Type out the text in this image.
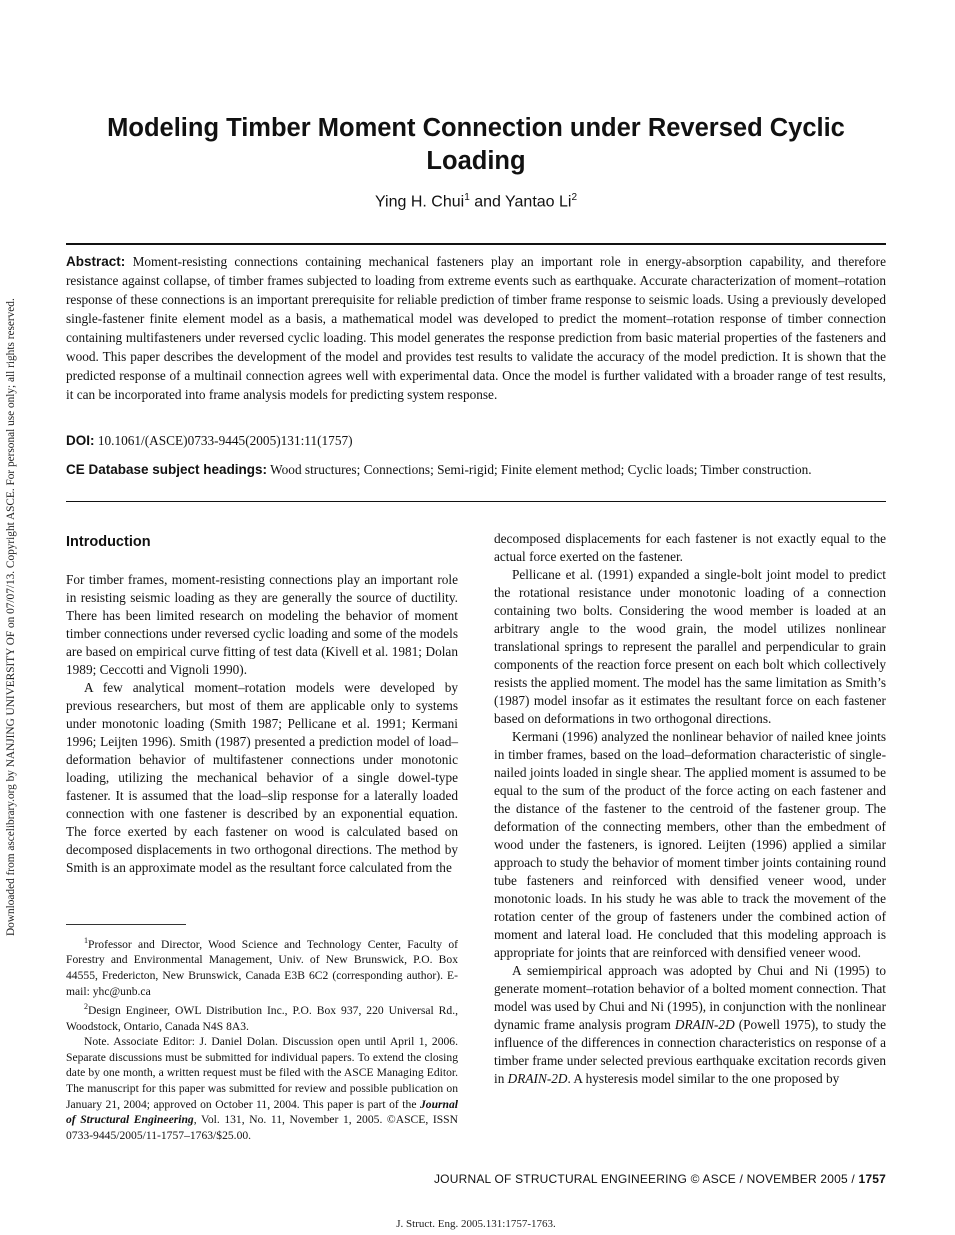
Downloaded from ascelibrary.org by NANJING UNIVERSITY OF on 07/07/13. Copyright ASCE. For personal use only; all rights reserved.
Modeling Timber Moment Connection under Reversed Cyclic Loading
Ying H. Chui$^1$ and Yantao Li$^2$

Abstract: Moment-resisting connections containing mechanical fasteners play an important role in energy-absorption capability, and therefore resistance against collapse, of timber frames subjected to loading from extreme events such as earthquake. Accurate characterization of moment–rotation response of these connections is an important prerequisite for reliable prediction of timber frame response to seismic loads. Using a previously developed single-fastener finite element model as a basis, a mathematical model was developed to predict the moment–rotation response of timber connection containing multifasteners under reversed cyclic loading. This model generates the response prediction from basic material properties of the fasteners and wood. This paper describes the development of the model and provides test results to validate the accuracy of the model prediction. It is shown that the predicted response of a multinail connection agrees well with experimental data. Once the model is further validated with a broader range of test results, it can be incorporated into frame analysis models for predicting system response.

DOI: 10.1061/(ASCE)0733-9445(2005)131:11(1757)

CE Database subject headings: Wood structures; Connections; Semi-rigid; Finite element method; Cyclic loads; Timber construction.

Introduction

For timber frames, moment-resisting connections play an important role in resisting seismic loading as they are generally the source of ductility. There has been limited research on modeling the behavior of moment timber connections under reversed cyclic loading and some of the models are based on empirical curve fitting of test data (Kivell et al. 1981; Dolan 1989; Ceccotti and Vignoli 1990).

A few analytical moment–rotation models were developed by previous researchers, but most of them are applicable only to systems under monotonic loading (Smith 1987; Pellicane et al. 1991; Kermani 1996; Leijten 1996). Smith (1987) presented a prediction model of load–deformation behavior of multifastener connections under monotonic loading, utilizing the mechanical behavior of a single dowel-type fastener. It is assumed that the load–slip response for a laterally loaded connection with one fastener is described by an exponential equation. The force exerted by each fastener on wood is calculated based on decomposed displacements in two orthogonal directions. The method by Smith is an approximate model as the resultant force calculated from the

$^1$Professor and Director, Wood Science and Technology Center, Faculty of Forestry and Environmental Management, Univ. of New Brunswick, P.O. Box 44555, Fredericton, New Brunswick, Canada E3B 6C2 (corresponding author). E-mail: yhc@unb.ca

$^2$Design Engineer, OWL Distribution Inc., P.O. Box 937, 220 Universal Rd., Woodstock, Ontario, Canada N4S 8A3.

Note. Associate Editor: J. Daniel Dolan. Discussion open until April 1, 2006. Separate discussions must be submitted for individual papers. To extend the closing date by one month, a written request must be filed with the ASCE Managing Editor. The manuscript for this paper was submitted for review and possible publication on January 21, 2004; approved on October 11, 2004. This paper is part of the Journal of Structural Engineering, Vol. 131, No. 11, November 1, 2005. ©ASCE, ISSN 0733-9445/2005/11-1757–1763/$25.00.

decomposed displacements for each fastener is not exactly equal to the actual force exerted on the fastener.

Pellicane et al. (1991) expanded a single-bolt joint model to predict the rotational resistance under monotonic loading of a connection containing two bolts. Considering the wood member is loaded at an arbitrary angle to the wood grain, the model utilizes nonlinear translational springs to represent the parallel and perpendicular to grain components of the reaction force present on each bolt which collectively resists the applied moment. The model has the same limitation as Smith’s (1987) model insofar as it estimates the resultant force on each fastener based on deformations in two orthogonal directions.

Kermani (1996) analyzed the nonlinear behavior of nailed knee joints in timber frames, based on the load–deformation characteristic of single-nailed joints loaded in single shear. The applied moment is assumed to be equal to the sum of the product of the force acting on each fastener and the distance of the fastener to the centroid of the fastener group. The deformation of the connecting members, other than the embedment of wood under the fasteners, is ignored. Leijten (1996) applied a similar approach to study the behavior of moment timber joints containing round tube fasteners and reinforced with densified veneer wood, under monotonic loads. In his study he was able to track the movement of the rotation center of the group of fasteners under the combined action of moment and lateral load. He concluded that this modeling approach is appropriate for joints that are reinforced with densified veneer wood.

A semiempirical approach was adopted by Chui and Ni (1995) to generate moment–rotation behavior of a bolted moment connection. That model was used by Chui and Ni (1995), in conjunction with the nonlinear dynamic frame analysis program DRAIN-2D (Powell 1975), to study the influence of the differences in connection characteristics on response of a timber frame under selected previous earthquake excitation records given in DRAIN-2D. A hysteresis model similar to the one proposed by

JOURNAL OF STRUCTURAL ENGINEERING © ASCE / NOVEMBER 2005 / 1757
J. Struct. Eng. 2005.131:1757-1763.
